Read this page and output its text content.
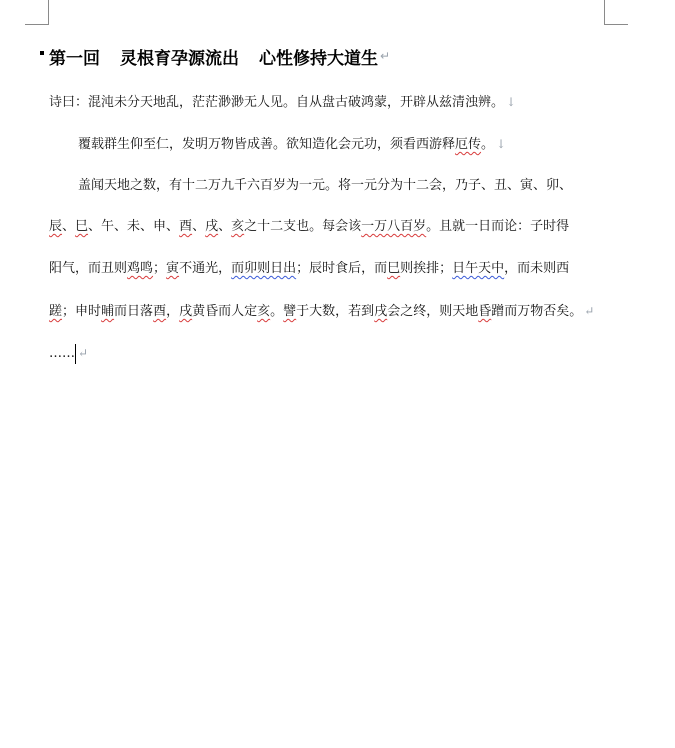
第一回 灵根育孕源流出 心性修持大道生 ↵
诗曰：混沌未分天地乱，茫茫渺渺无人见。自从盘古破鸿蒙，开辟从兹清浊辨。 ↓
覆载群生仰至仁，发明万物皆成善。欲知造化会元功，须看西游释厄传。 ↓
盖闻天地之数，有十二万九千六百岁为一元。将一元分为十二会，乃子、丑、寅、卯、
辰、巳、午、未、申、酉、戌、亥之十二支也。每会该一万八百岁。且就一日而论：子时得
阳气，而丑则鸡鸣；寅不通光，而卯则日出；辰时食后，而巳则挨排；日午天中，而未则西
蹉；申时晡而日落酉，戌黄昏而人定亥。譬于大数，若到戌会之终，则天地昏蹭而万物否矣。 ↵
…… ↵
